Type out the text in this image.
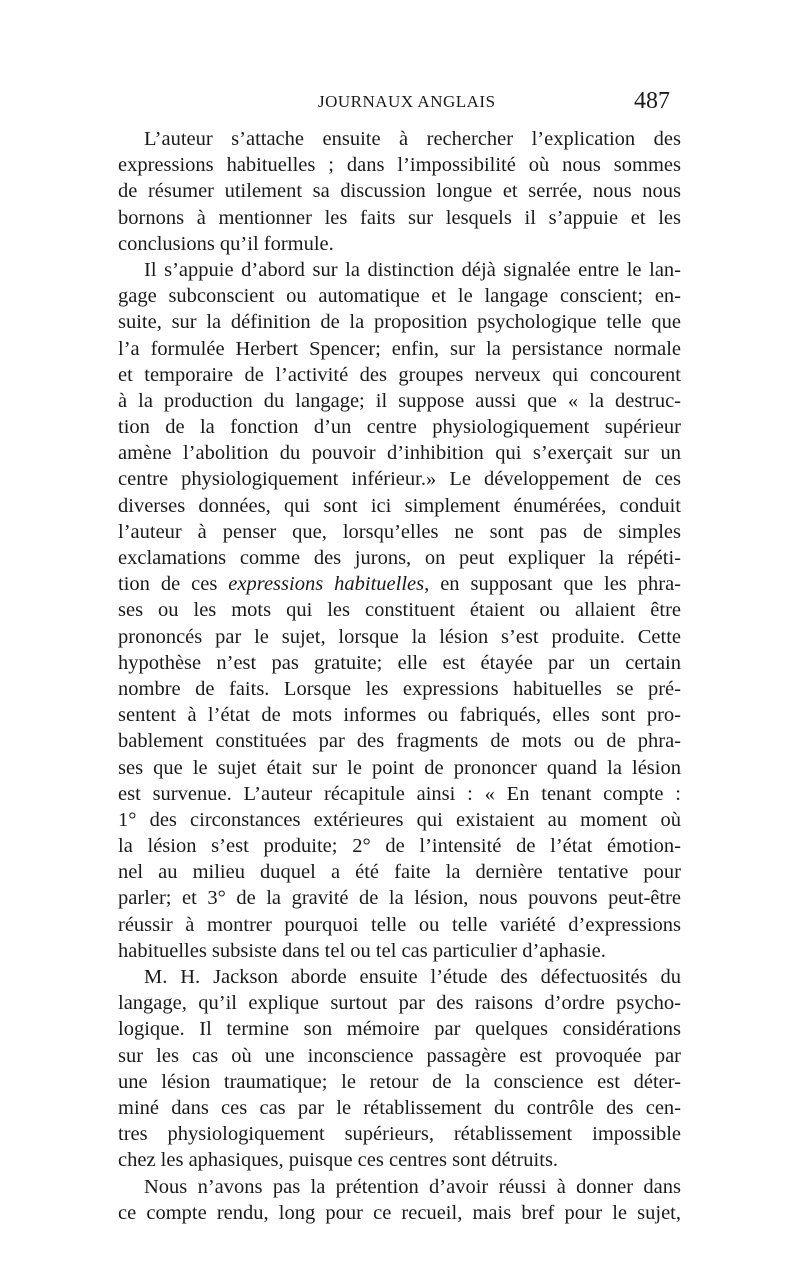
JOURNAUX ANGLAIS	487
L’auteur s’attache ensuite à rechercher l’explication des
expressions habituelles ; dans l’impossibilité où nous sommes
de résumer utilement sa discussion longue et serrée, nous nous
bornons à mentionner les faits sur lesquels il s’appuie et les
conclusions qu’il formule.
Il s’appuie d’abord sur la distinction déjà signalée entre le lan-
gage subconscient ou automatique et le langage conscient; en-
suite, sur la définition de la proposition psychologique telle que
l’a formulée Herbert Spencer; enfin, sur la persistance normale
et temporaire de l’activité des groupes nerveux qui concourent
à la production du langage; il suppose aussi que « la destruc-
tion de la fonction d’un centre physiologiquement supérieur
amène l’abolition du pouvoir d’inhibition qui s’exerçait sur un
centre physiologiquement inférieur.» Le développement de ces
diverses données, qui sont ici simplement énumérées, conduit
l’auteur à penser que, lorsqu’elles ne sont pas de simples
exclamations comme des jurons, on peut expliquer la répéti-
tion de ces expressions habituelles, en supposant que les phra-
ses ou les mots qui les constituent étaient ou allaient être
prononcés par le sujet, lorsque la lésion s’est produite. Cette
hypothèse n’est pas gratuite; elle est étayée par un certain
nombre de faits. Lorsque les expressions habituelles se pré-
sentent à l’état de mots informes ou fabriqués, elles sont pro-
bablement constituées par des fragments de mots ou de phra-
ses que le sujet était sur le point de prononcer quand la lésion
est survenue. L’auteur récapitule ainsi : « En tenant compte :
1° des circonstances extérieures qui existaient au moment où
la lésion s’est produite; 2° de l’intensité de l’état émotion-
nel au milieu duquel a été faite la dernière tentative pour
parler; et 3° de la gravité de la lésion, nous pouvons peut-être
réussir à montrer pourquoi telle ou telle variété d’expressions
habituelles subsiste dans tel ou tel cas particulier d’aphasie.
M. H. Jackson aborde ensuite l’étude des défectuosités du
langage, qu’il explique surtout par des raisons d’ordre psycho-
logique. Il termine son mémoire par quelques considérations
sur les cas où une inconscience passagère est provoquée par
une lésion traumatique; le retour de la conscience est déter-
miné dans ces cas par le rétablissement du contrôle des cen-
tres physiologiquement supérieurs, rétablissement impossible
chez les aphasiques, puisque ces centres sont détruits.
Nous n’avons pas la prétention d’avoir réussi à donner dans
ce compte rendu, long pour ce recueil, mais bref pour le sujet,
